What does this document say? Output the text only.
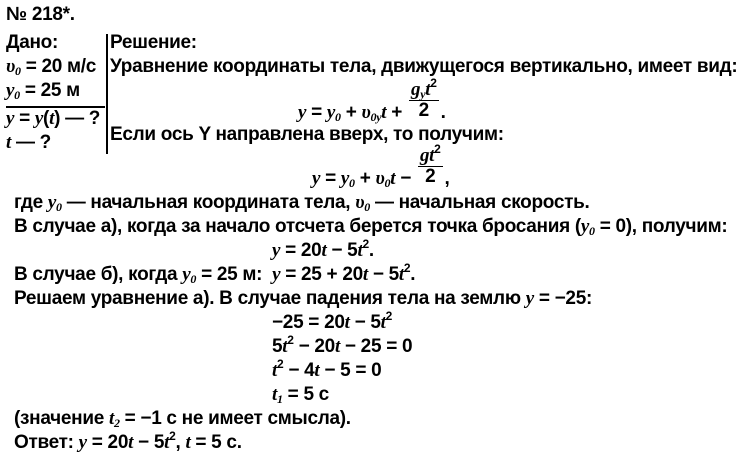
№ 218*.
Дано:
$\upsilon_0 = 20$ м/с
$y_0 = 25$ м
y = y(t) — ?
t — ?
Решение:
Уравнение координаты тела, движущегося вертикально, имеет вид:
$y = y_0 + \upsilon_{0y}t + \frac{g_yt^2}{2}$ .
Если ось Y направлена вверх, то получим:
$y = y_0 + \upsilon_0t - \frac{gt^2}{2}$ ,
где $y_0$ — начальная координата тела, $\upsilon_0$ — начальная скорость.
В случае а), когда за начало отсчета берется точка бросания $(y_0 = 0)$, получим:
$y = 20t - 5t^2$.
В случае б), когда $y_0 = 25$ м:  $y = 25 + 20t - 5t^2$.
Решаем уравнение а). В случае падения тела на землю y = −25:
$-25 = 20t - 5t^2$
$5t^2 - 20t - 25 = 0$
$t^2 - 4t - 5 = 0$
$t_1 = 5$ с
(значение $t_2 = -1$ с не имеет смысла).
Ответ: $y = 20t - 5t^2$, t = 5 с.
